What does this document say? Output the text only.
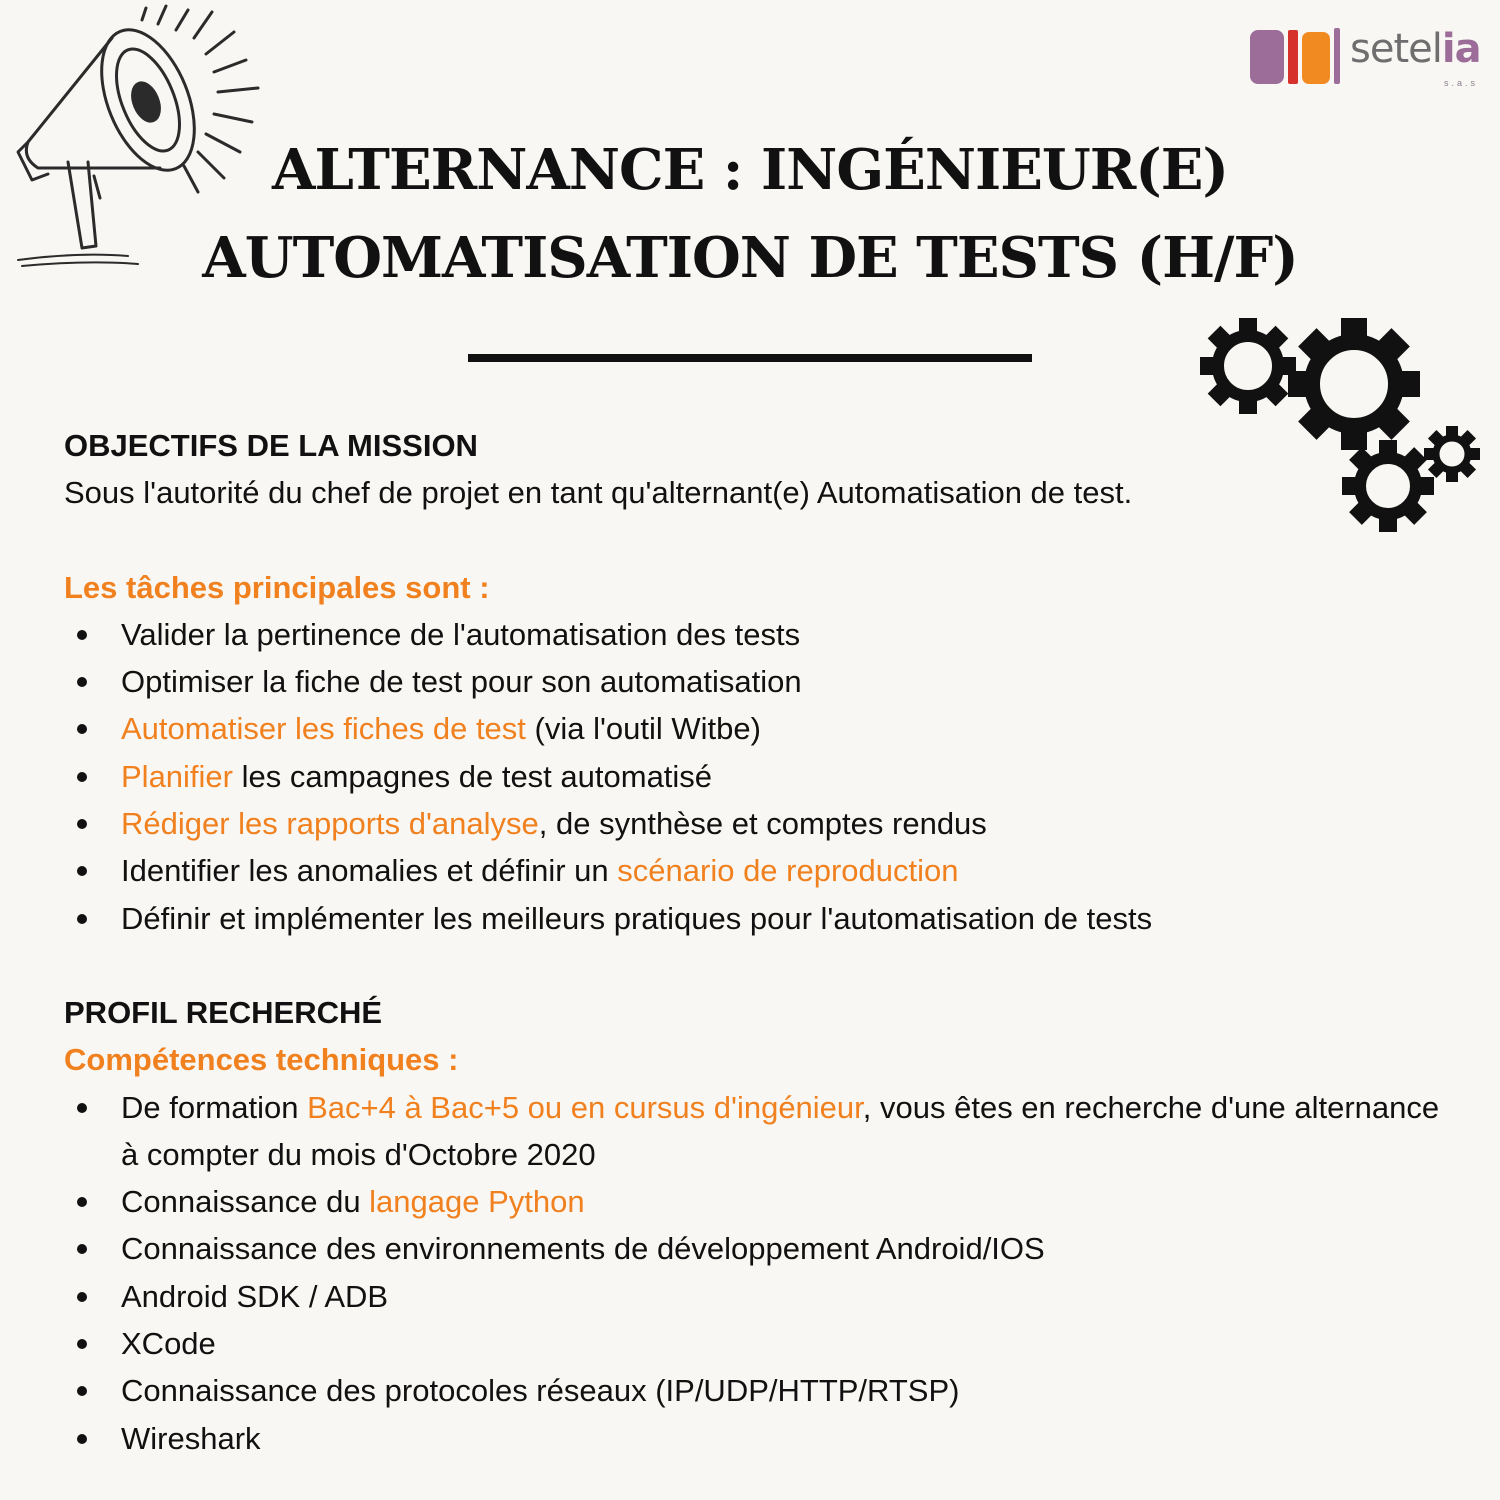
setelia
s.a.s
ALTERNANCE : INGÉNIEUR(E)
AUTOMATISATION DE TESTS (H/F)

OBJECTIFS DE LA MISSION

Sous l'autorité du chef de projet en tant qu'alternant(e) Automatisation de test.

Les tâches principales sont :

Valider la pertinence de l'automatisation des tests
Optimiser la fiche de test pour son automatisation
Automatiser les fiches de test (via l'outil Witbe)
Planifier les campagnes de test automatisé
Rédiger les rapports d'analyse, de synthèse et comptes rendus
Identifier les anomalies et définir un scénario de reproduction
Définir et implémenter les meilleurs pratiques pour l'automatisation de tests

PROFIL RECHERCHÉ

Compétences techniques :

De formation Bac+4 à Bac+5 ou en cursus d'ingénieur, vous êtes en recherche d'une alternance à compter du mois d'Octobre 2020
Connaissance du langage Python
Connaissance des environnements de développement Android/IOS
Android SDK / ADB
XCode
Connaissance des protocoles réseaux (IP/UDP/HTTP/RTSP)
Wireshark
